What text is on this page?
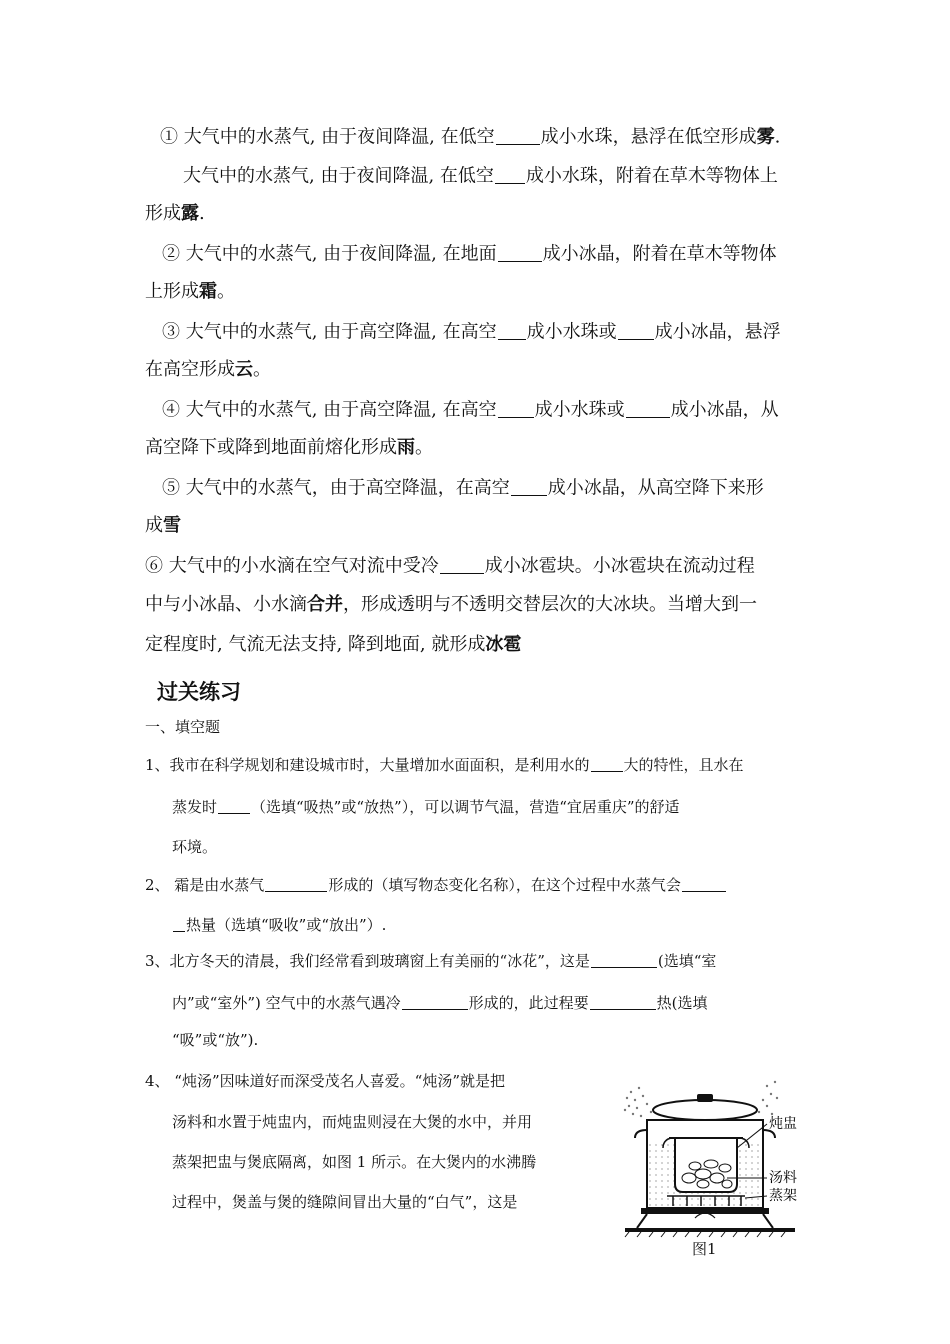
① 大气中的水蒸气, 由于夜间降温, 在低空	成小水珠，悬浮在低空形成雾.
大气中的水蒸气, 由于夜间降温, 在低空 成小水珠，附着在草木等物体上
形成露.
② 大气中的水蒸气, 由于夜间降温, 在地面	成小冰晶，附着在草木等物体
上形成霜。
③ 大气中的水蒸气, 由于高空降温, 在高空 成小水珠或 成小冰晶，悬浮
在高空形成云。
④ 大气中的水蒸气, 由于高空降温, 在高空 成小水珠或	成小冰晶，从
高空降下或降到地面前熔化形成雨。
⑤ 大气中的水蒸气，由于高空降温，在高空 成小冰晶，从高空降下来形
成雪
⑥ 大气中的小水滴在空气对流中受冷	成小冰雹块。小冰雹块在流动过程
中与小冰晶、小水滴合并，形成透明与不透明交替层次的大冰块。当增大到一
定程度时, 气流无法支持, 降到地面, 就形成冰雹
过关练习
一、填空题
1、我市在科学规划和建设城市时，大量增加水面面积，是利用水的 大的特性，且水在
蒸发时 （选填“吸热”或“放热”），可以调节气温，营造“宜居重庆”的舒适
环境。
2、 霜是由水蒸气	形成的（填写物态变化名称），在这个过程中水蒸气会
热量（选填“吸收”或“放出”）.
3、北方冬天的清晨，我们经常看到玻璃窗上有美丽的“冰花”，这是	(选填“室
内”或“室外”) 空气中的水蒸气遇冷	形成的，此过程要	热(选填
“吸”或“放”).
4、 “炖汤”因味道好而深受茂名人喜爱。“炖汤”就是把
汤料和水置于炖盅内，而炖盅则浸在大煲的水中，并用
蒸架把盅与煲底隔离，如图 1 所示。在大煲内的水沸腾
过程中，煲盖与煲的缝隙间冒出大量的“白气”，这是
炖盅
汤料
蒸架
图1
